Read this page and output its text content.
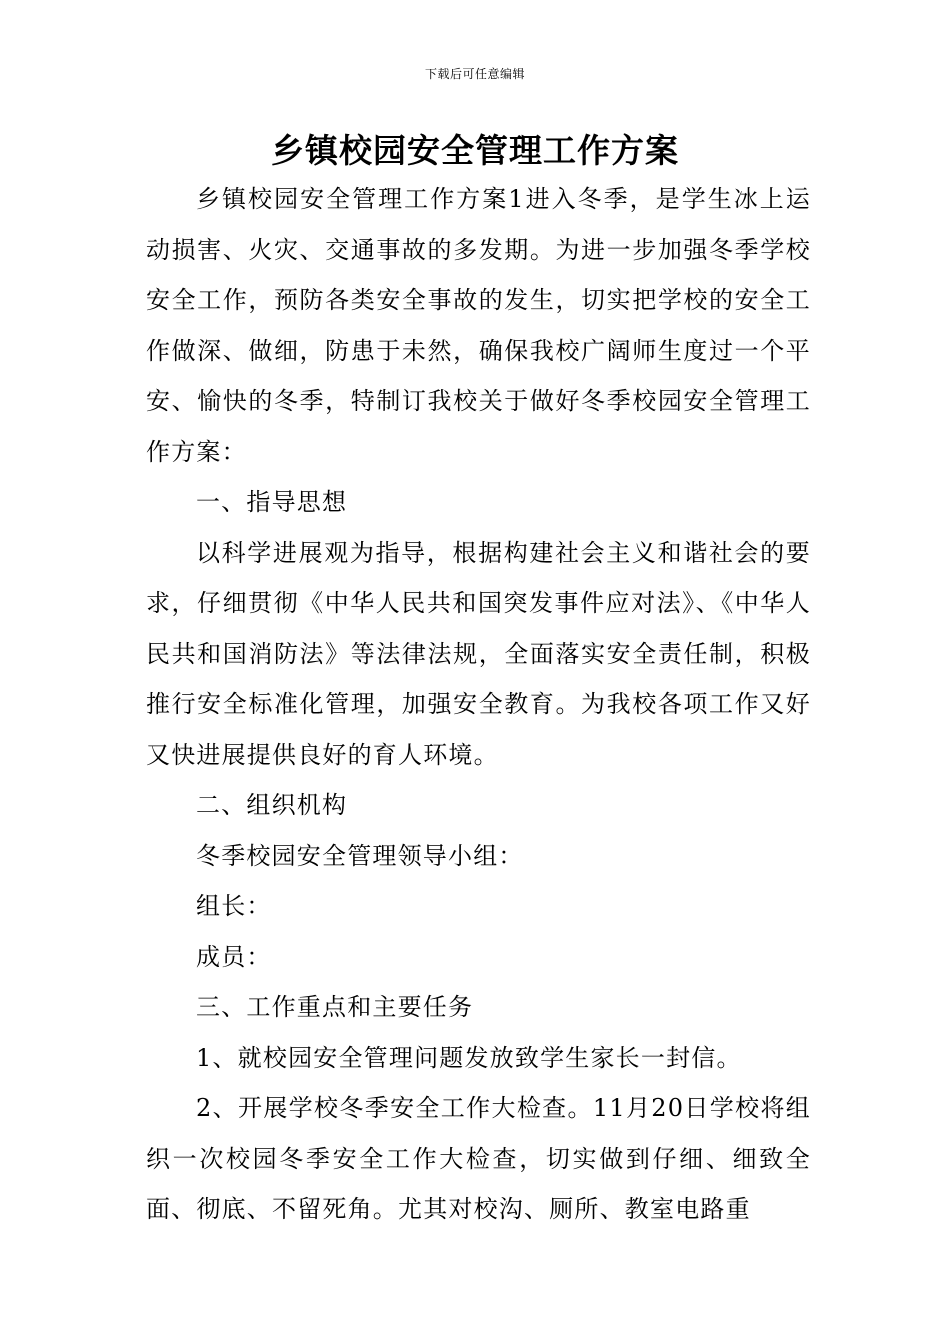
下载后可任意编辑
乡镇校园安全管理工作方案

乡镇校园安全管理工作方案1进入冬季，是学生冰上运动损害、火灾、交通事故的多发期。为进一步加强冬季学校安全工作，预防各类安全事故的发生，切实把学校的安全工作做深、做细，防患于未然，确保我校广阔师生度过一个平安、愉快的冬季，特制订我校关于做好冬季校园安全管理工作方案：

一、指导思想

以科学进展观为指导，根据构建社会主义和谐社会的要求，仔细贯彻《中华人民共和国突发事件应对法》、《中华人民共和国消防法》等法律法规，全面落实安全责任制，积极推行安全标准化管理，加强安全教育。为我校各项工作又好又快进展提供良好的育人环境。

二、组织机构

冬季校园安全管理领导小组：

组长：

成员：

三、工作重点和主要任务

1、就校园安全管理问题发放致学生家长一封信。

2、开展学校冬季安全工作大检查。11月20日学校将组织一次校园冬季安全工作大检查，切实做到仔细、细致全面、彻底、不留死角。尤其对校沟、厕所、教室电路重
